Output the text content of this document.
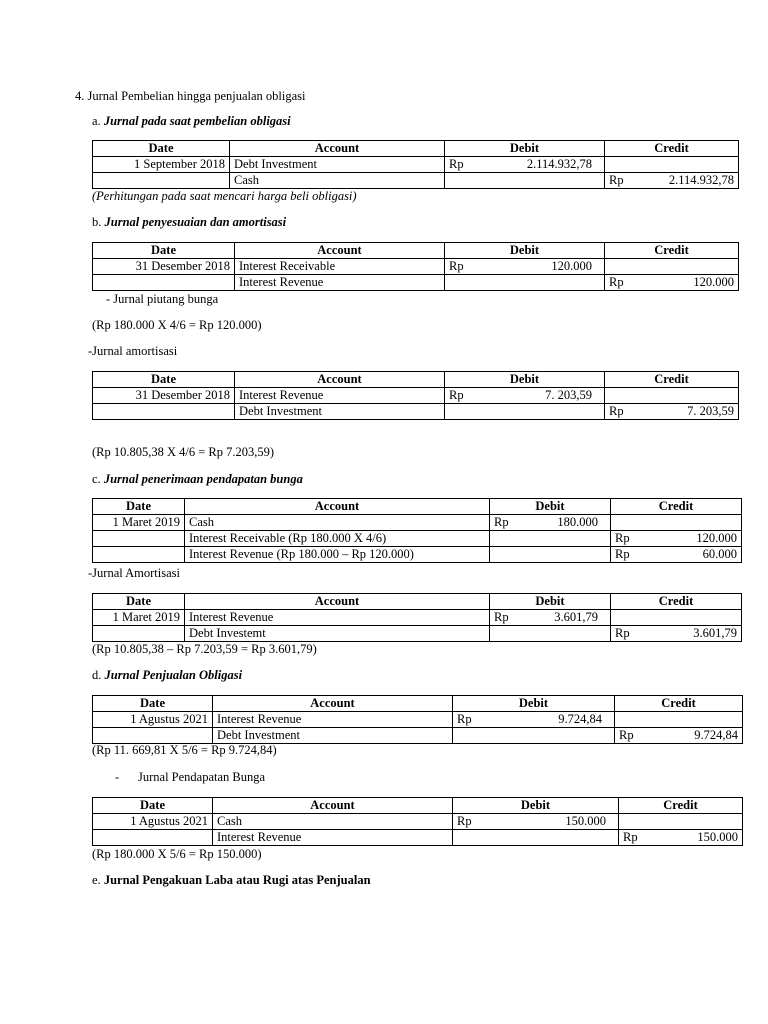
4. Jurnal Pembelian hingga penjualan obligasi
a. Jurnal pada saat pembelian obligasi
Date	Account	Debit	Credit
1 September 2018	Debt Investment	Rp 2.114.932,78	

	Cash		Rp 2.114.932,78
(Perhitungan pada saat mencari harga beli obligasi)
b. Jurnal penyesuaian dan amortisasi
Date	Account	Debit	Credit
31 Desember 2018	Interest Receivable	Rp 120.000	

	Interest Revenue		Rp 120.000
- Jurnal piutang bunga
(Rp 180.000 X 4/6 = Rp 120.000)
-Jurnal amortisasi
Date	Account	Debit	Credit
31 Desember 2018	Interest Revenue	Rp 7. 203,59	

	Debt Investment		Rp 7. 203,59
(Rp 10.805,38 X 4/6 = Rp 7.203,59)
c. Jurnal penerimaan pendapatan bunga
Date	Account	Debit	Credit
1 Maret 2019	Cash	Rp 180.000	

	Interest Receivable (Rp 180.000 X 4/6)		Rp 120.000

	Interest Revenue (Rp 180.000 – Rp 120.000)		Rp 60.000
-Jurnal Amortisasi
Date	Account	Debit	Credit
1 Maret 2019	Interest Revenue	Rp 3.601,79	

	Debt Investemt		Rp 3.601,79
(Rp 10.805,38 – Rp 7.203,59 = Rp 3.601,79)
d. Jurnal Penjualan Obligasi
Date	Account	Debit	Credit
1 Agustus 2021	Interest Revenue	Rp 9.724,84	

	Debt Investment		Rp 9.724,84
(Rp 11. 669,81 X 5/6 = Rp 9.724,84)
- Jurnal Pendapatan Bunga
Date	Account	Debit	Credit
1 Agustus 2021	Cash	Rp 150.000	

	Interest Revenue		Rp 150.000
(Rp 180.000 X 5/6 = Rp 150.000)
e. Jurnal Pengakuan Laba atau Rugi atas Penjualan
